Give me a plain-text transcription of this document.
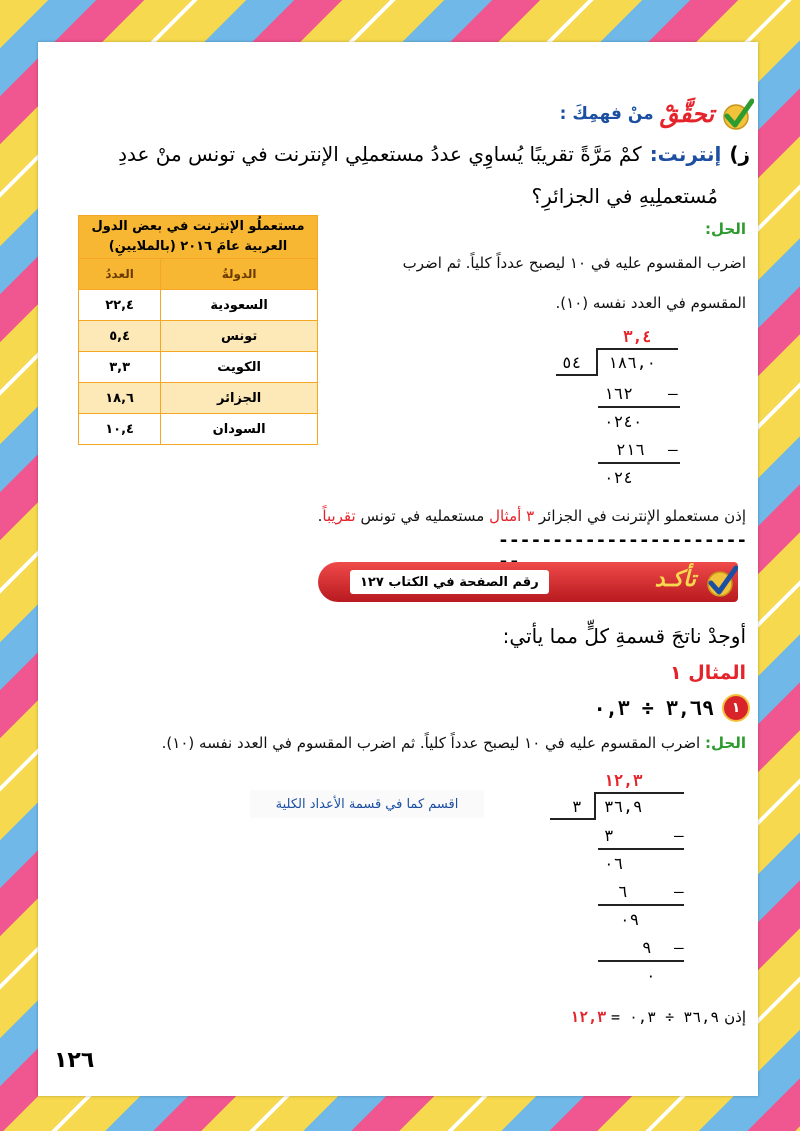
تحقَّقْ
منْ فهمِكَ :
ز)
إنترنت:
كمْ مَرَّةً تقريبًا يُساوِي عددُ مستعملِي الإنترنت في تونس منْ عددِ
مُستعملِيهِ في الجزائرِ؟
مستعملُو الإنترنت في بعض الدول
العربية عامَ ٢٠١٦ (بالملايينِ)	

الدولةُ	العددُ
السعودية	٢٢,٤
تونس	٥,٤
الكويت	٣,٣
الجزائر	١٨,٦
السودان	١٠,٤
الحل:
اضرب المقسوم عليه في ١٠ ليصبح عدداً كلياً. ثم اضرب
المقسوم في العدد نفسه (١٠).
٣,٤
٥٤ ١٨٦,٠
–
١٦٢
٠٢٤٠
–
٢١٦
٠٢٤
إذن مستعملو الإنترنت في الجزائر ٣ أمثال مستعمليه في تونس تقريباً.
-----------------------
رقم الصفحة في الكتاب ١٢٧	تأكـد
أوجدْ ناتجَ قسمةِ كلٍّ مما يأتي:
المثال ١
١
٣,٦٩ ÷ ٠,٣
الحل: اضرب المقسوم عليه في ١٠ ليصبح عدداً كلياً. ثم اضرب المقسوم في العدد نفسه (١٠).
اقسم كما في قسمة الأعداد الكلية
١٢,٣
٣ ٣٦,٩
–
٣
٠٦
–
٦
٠٩
–
٩
٠
إذن ٣٦,٩ ÷ ٠,٣ = ١٢,٣
١٢٦
